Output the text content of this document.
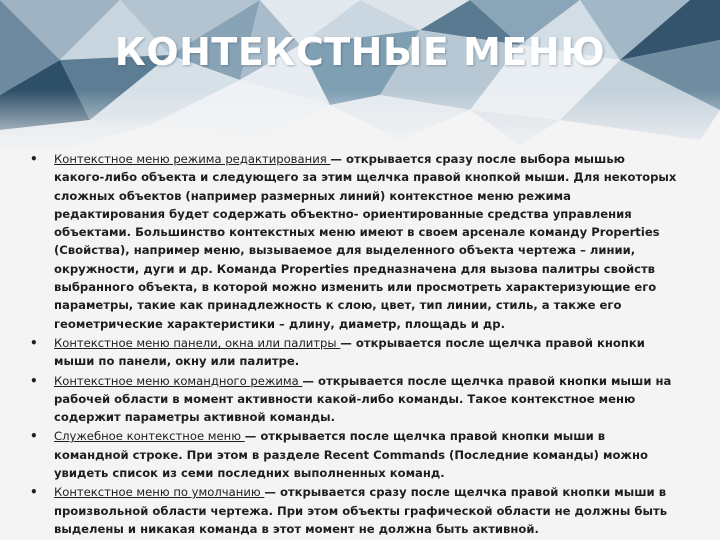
КОНТЕКСТНЫЕ МЕНЮ
•	Контекстное меню режима редактирования — открывается сразу после выбора мышью какого-либо объекта и следующего за этим щелчка правой кнопкой мыши. Для некоторых сложных объектов (например размерных линий) контекстное меню режима редактирования будет содержать объектно- ориентированные средства управления объектами. Большинство контекстных меню имеют в своем арсенале команду Properties (Свойства), например меню, вызываемое для выделенного объекта чертежа – линии, окружности, дуги и др. Команда Properties предназначена для вызова палитры свойств выбранного объекта, в которой можно изменить или просмотреть характеризующие его параметры, такие как принадлежность к слою, цвет, тип линии, стиль, а также его геометрические характеристики – длину, диаметр, площадь и др.
•	Контекстное меню панели, окна или палитры — открывается после щелчка правой кнопки мыши по панели, окну или палитре.
•	Контекстное меню командного режима — открывается после щелчка правой кнопки мыши на рабочей области в момент активности какой-либо команды. Такое контекстное меню содержит параметры активной команды.
•	Служебное контекстное меню — открывается после щелчка правой кнопки мыши в командной строке. При этом в разделе Recent Commands (Последние команды) можно увидеть список из семи последних выполненных команд.
•	Контекстное меню по умолчанию — открывается сразу после щелчка правой кнопки мыши в произвольной области чертежа. При этом объекты графической области не должны быть выделены и никакая команда в этот момент не должна быть активной.
